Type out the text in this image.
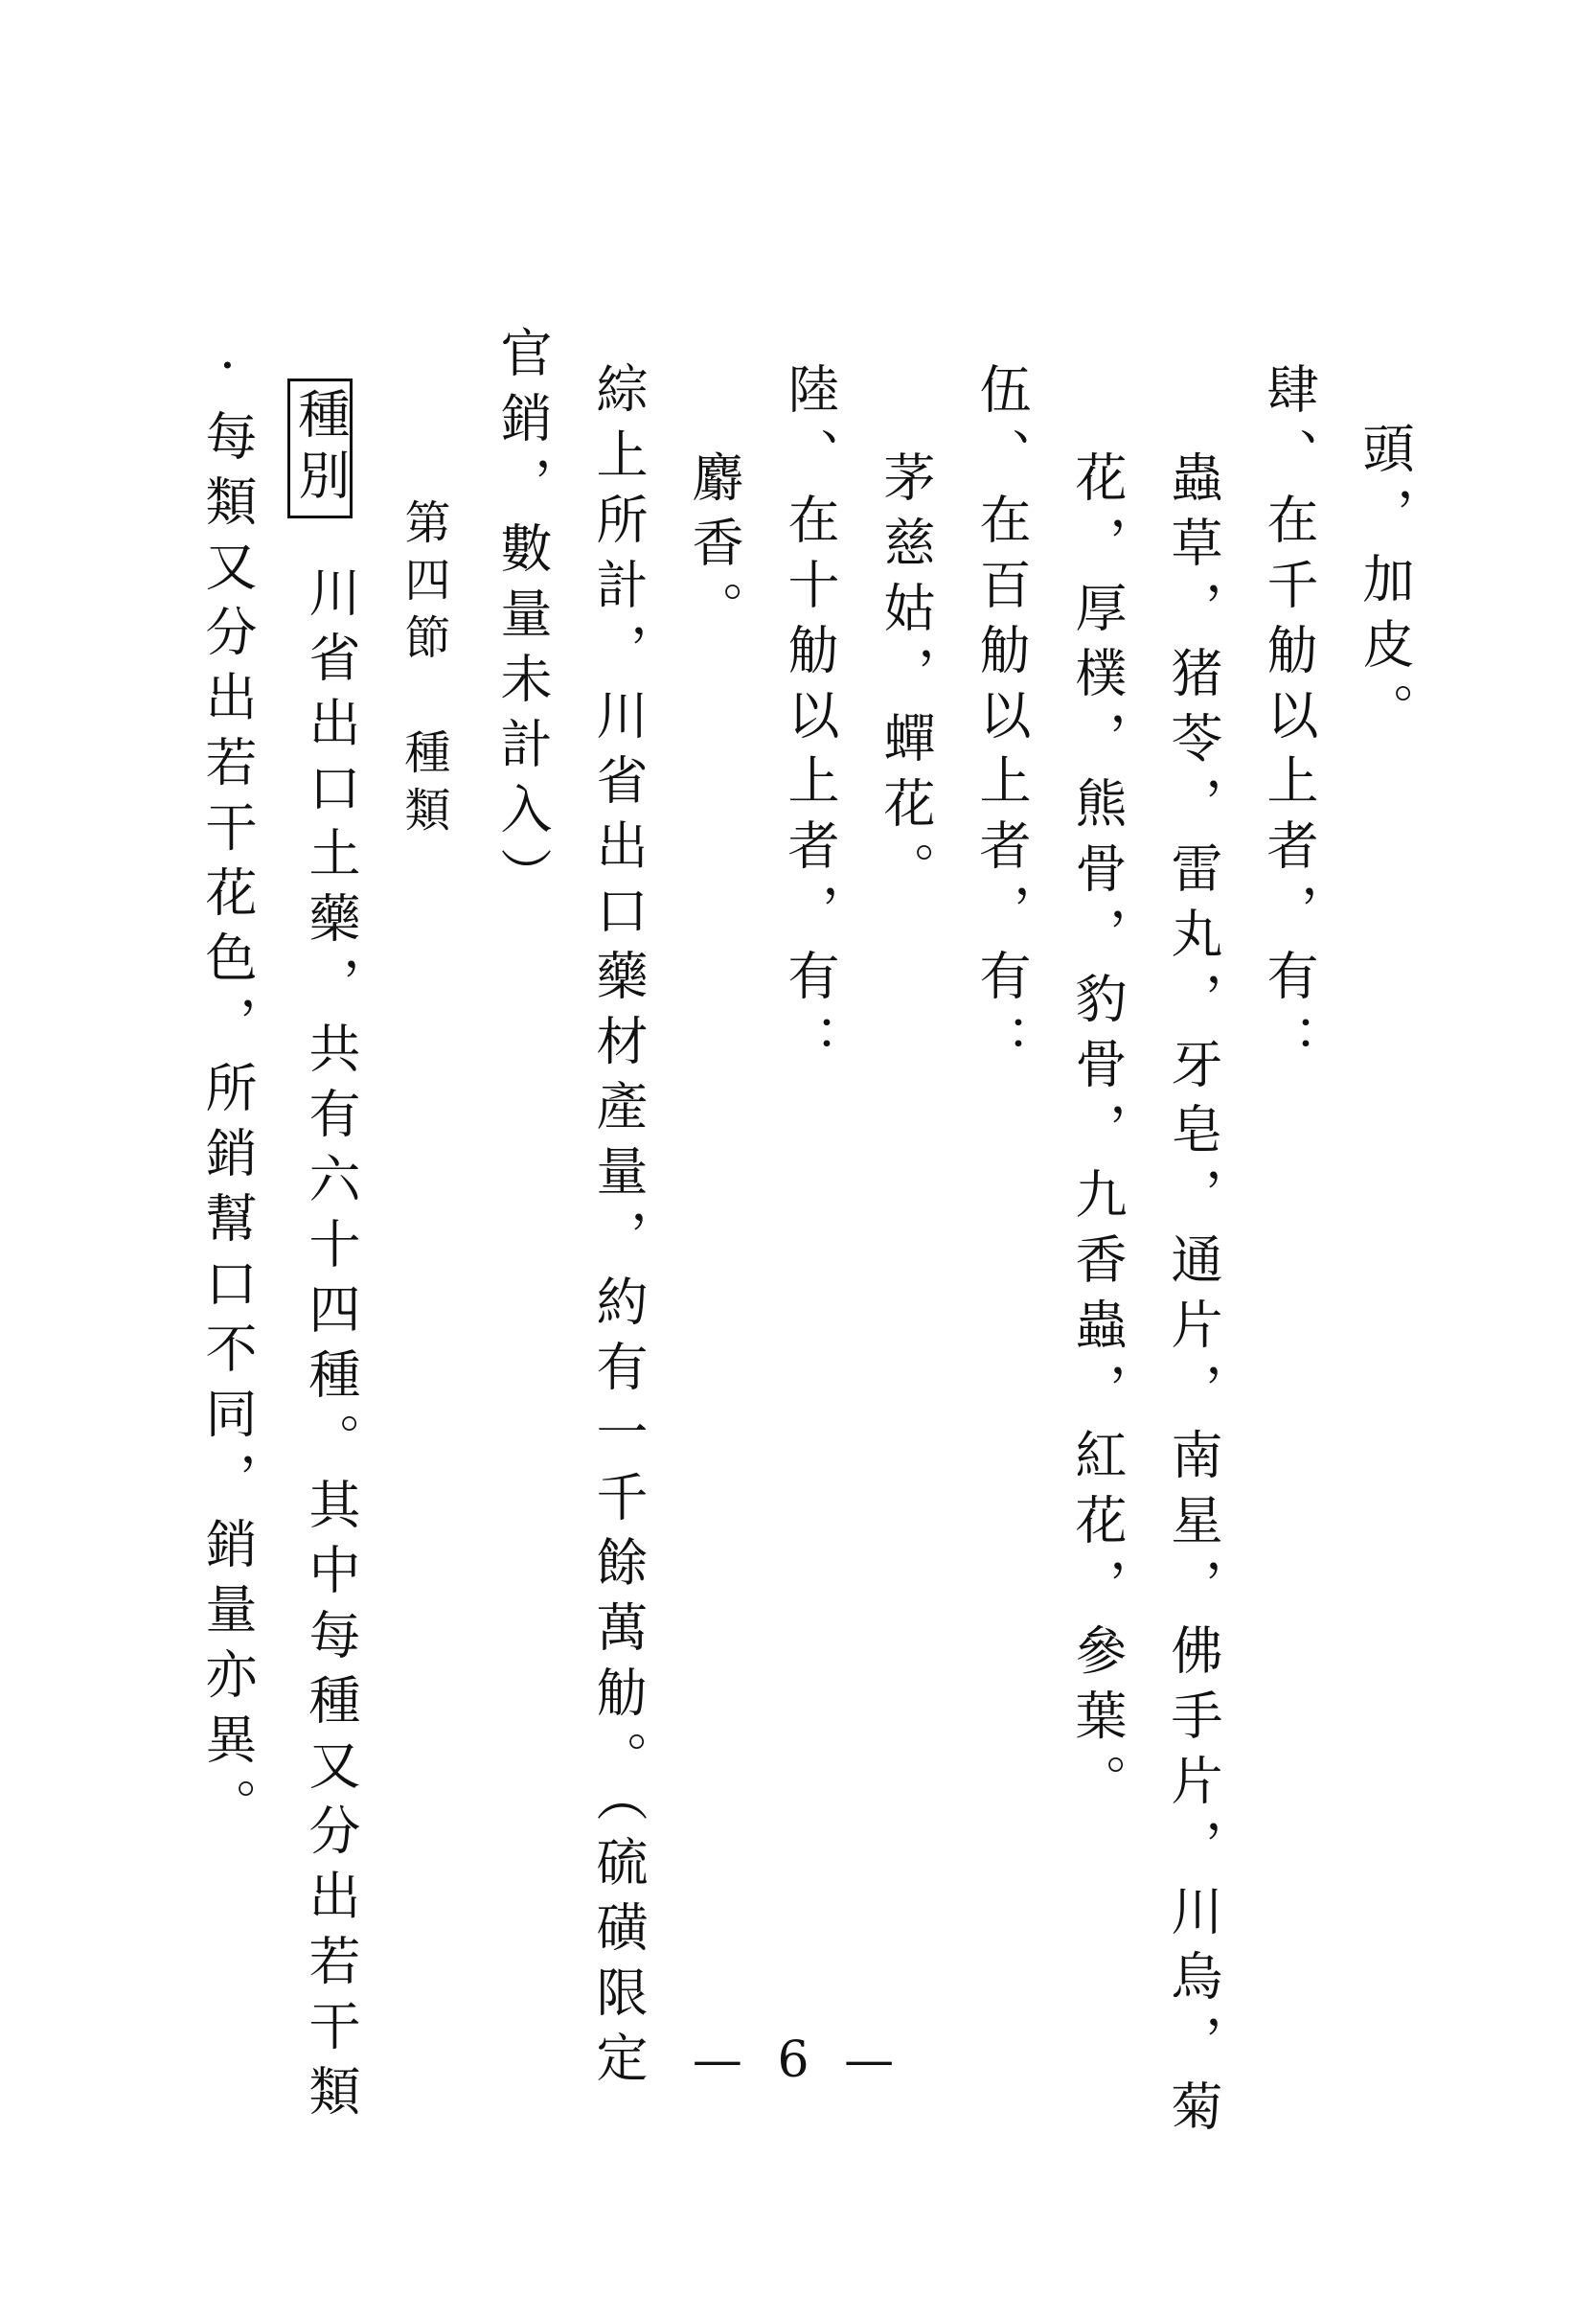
頭，加皮。
肆、在千觔以上者，有：
蟲草，猪苓，雷丸，牙皂，通片，南星，佛手片，川烏，菊
花，厚樸，熊骨，豹骨，九香蟲，紅花，參葉。
伍、在百觔以上者，有：
茅慈姑，蟬花。
陸、在十觔以上者，有：
麝香。
綜上所計，川省出口藥材產量，約有一千餘萬觔。（硫磺限定
官銷，數量未計入）
第四節　種類
種別
川省出口土藥，共有六十四種。其中每種又分出若干類
·每類又分出若干花色，所銷幫口不同，銷量亦異。
— 6 —
